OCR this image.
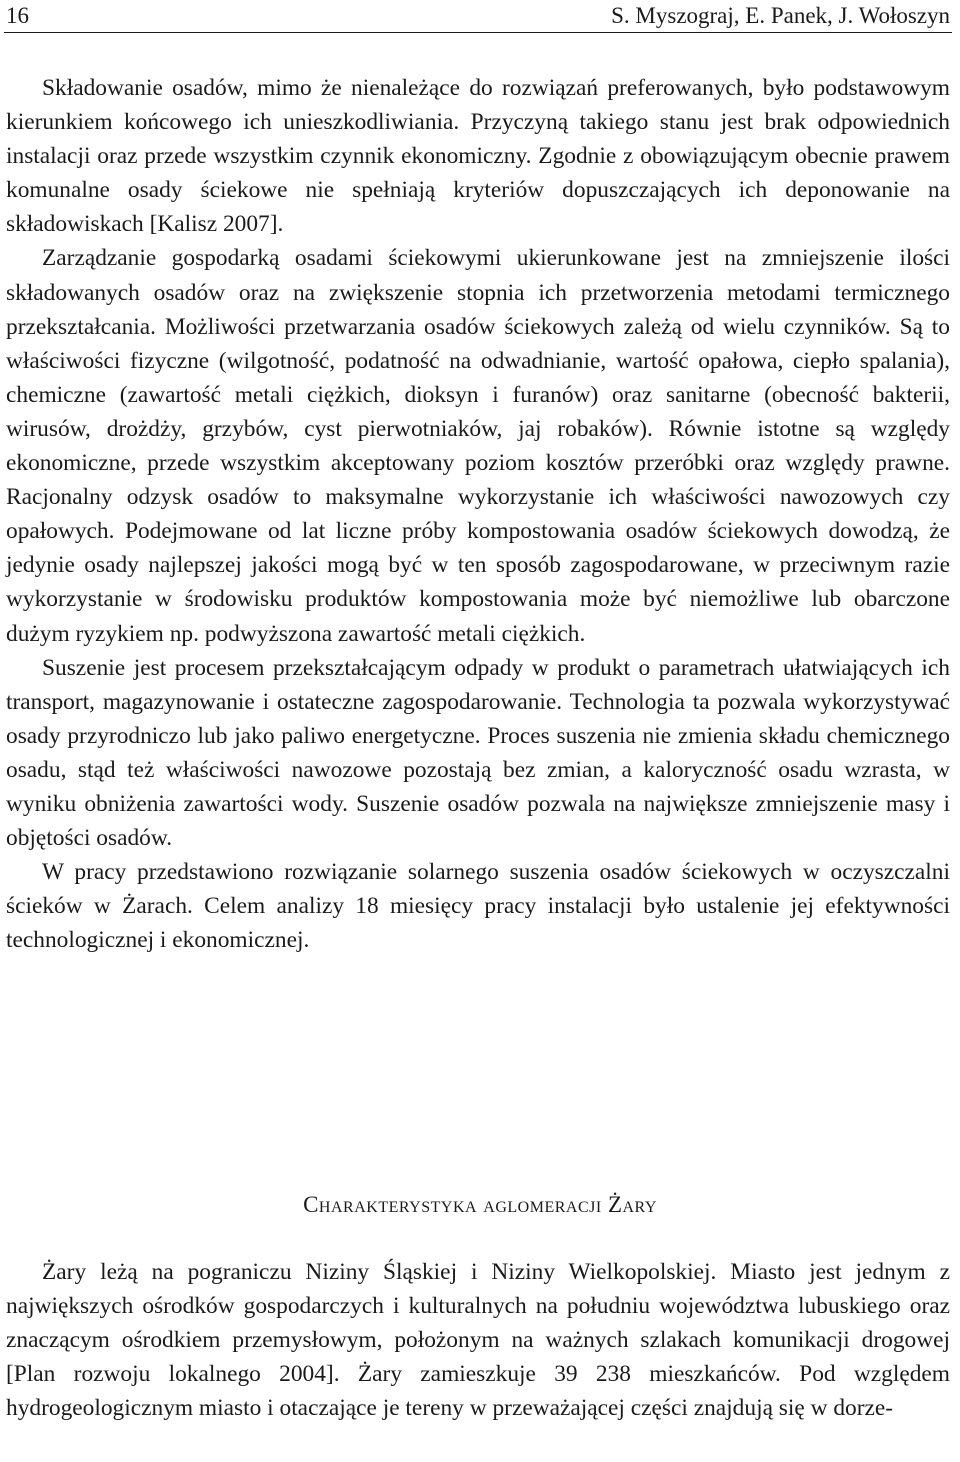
16	S. Myszograj, E. Panek, J. Wołoszyn

Składowanie osadów, mimo że nienależące do rozwiązań preferowanych, było podstawowym kierunkiem końcowego ich unieszkodliwiania. Przyczyną takiego stanu jest brak odpowiednich instalacji oraz przede wszystkim czynnik ekonomiczny. Zgodnie z obowiązującym obecnie prawem komunalne osady ściekowe nie spełniają kryteriów dopuszczających ich deponowanie na składowiskach [Kalisz 2007].

Zarządzanie gospodarką osadami ściekowymi ukierunkowane jest na zmniejszenie ilości składowanych osadów oraz na zwiększenie stopnia ich przetworzenia metodami termicznego przekształcania. Możliwości przetwarzania osadów ściekowych zależą od wielu czynników. Są to właściwości fizyczne (wilgotność, podatność na odwadnianie, wartość opałowa, ciepło spalania), chemiczne (zawartość metali ciężkich, dioksyn i furanów) oraz sanitarne (obecność bakterii, wirusów, drożdży, grzybów, cyst pierwotniaków, jaj robaków). Równie istotne są względy ekonomiczne, przede wszystkim akceptowany poziom kosztów przeróbki oraz względy prawne. Racjonalny odzysk osadów to maksymalne wykorzystanie ich właściwości nawozowych czy opałowych. Podejmowane od lat liczne próby kompostowania osadów ściekowych dowodzą, że jedynie osady najlepszej jakości mogą być w ten sposób zagospodarowane, w przeciwnym razie wykorzystanie w środowisku produktów kompostowania może być niemożliwe lub obarczone dużym ryzykiem np. podwyższona zawartość metali ciężkich.

Suszenie jest procesem przekształcającym odpady w produkt o parametrach ułatwiających ich transport, magazynowanie i ostateczne zagospodarowanie. Technologia ta pozwala wykorzystywać osady przyrodniczo lub jako paliwo energetyczne. Proces suszenia nie zmienia składu chemicznego osadu, stąd też właściwości nawozowe pozostają bez zmian, a kaloryczność osadu wzrasta, w wyniku obniżenia zawartości wody. Suszenie osadów pozwala na największe zmniejszenie masy i objętości osadów.

W pracy przedstawiono rozwiązanie solarnego suszenia osadów ściekowych w oczyszczalni ścieków w Żarach. Celem analizy 18 miesięcy pracy instalacji było ustalenie jej efektywności technologicznej i ekonomicznej.

Charakterystyka aglomeracji Żary

Żary leżą na pograniczu Niziny Śląskiej i Niziny Wielkopolskiej. Miasto jest jednym z największych ośrodków gospodarczych i kulturalnych na południu województwa lubuskiego oraz znaczącym ośrodkiem przemysłowym, położonym na ważnych szlakach komunikacji drogowej [Plan rozwoju lokalnego 2004]. Żary zamieszkuje 39 238 mieszkańców. Pod względem hydrogeologicznym miasto i otaczające je tereny w przeważającej części znajdują się w dorze-
